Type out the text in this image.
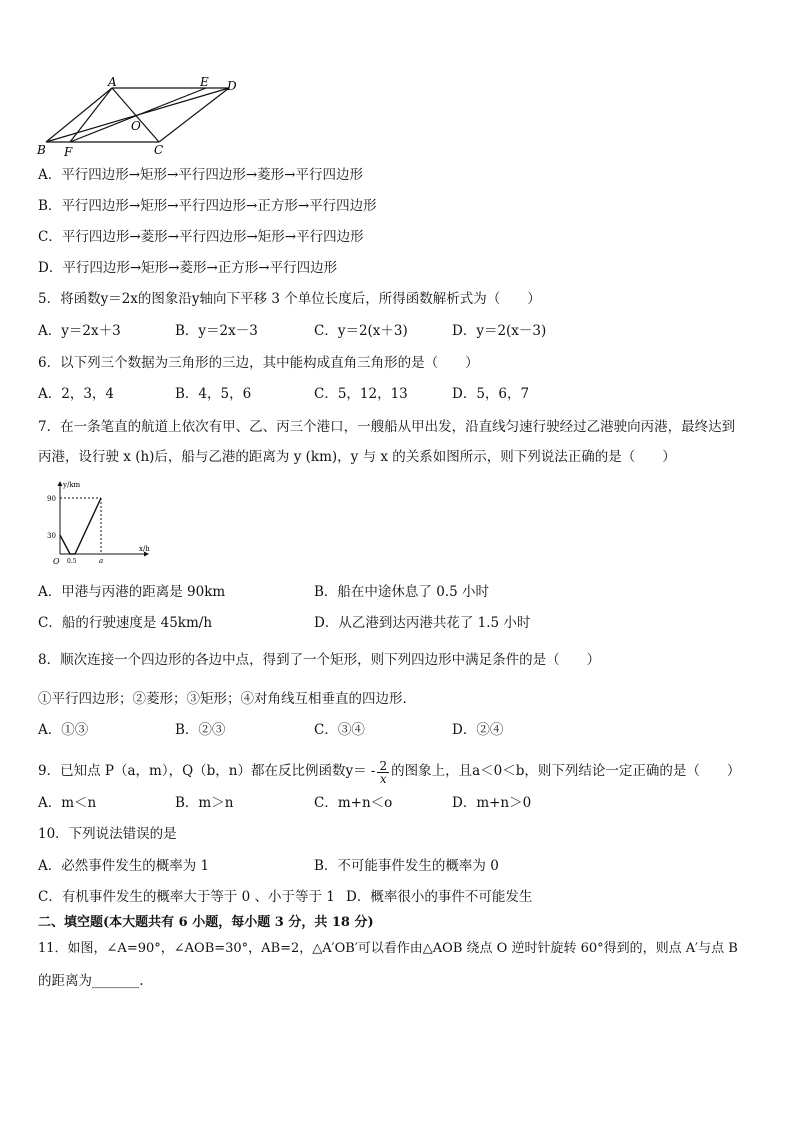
A	E D
O
B F	C
A．平行四边形→矩形→平行四边形→菱形→平行四边形
B．平行四边形→矩形→平行四边形→正方形→平行四边形
C．平行四边形→菱形→平行四边形→矩形→平行四边形
D．平行四边形→矩形→菱形→正方形→平行四边形
5．将函数y＝2x的图象沿y轴向下平移 3 个单位长度后，所得函数解析式为（　　）
A．y＝2x＋3	B．y＝2x－3	C．y＝2(x＋3)	D．y＝2(x－3)
6．以下列三个数据为三角形的三边，其中能构成直角三角形的是（　　）
A．2，3，4	B．4，5，6	C．5，12，13	D．5，6，7
7．在一条笔直的航道上依次有甲、乙、丙三个港口，一艘船从甲出发，沿直线匀速行驶经过乙港驶向丙港，最终达到
丙港，设行驶 x (h)后，船与乙港的距离为 y (km)，y 与 x 的关系如图所示，则下列说法正确的是（　　）
y/km
x/h
90
30
O 0.5	a
A．甲港与丙港的距离是 90km	B．船在中途休息了 0.5 小时
C．船的行驶速度是 45km/h	D．从乙港到达丙港共花了 1.5 小时
8．顺次连接一个四边形的各边中点，得到了一个矩形，则下列四边形中满足条件的是（　　）
①平行四边形；②菱形；③矩形；④对角线互相垂直的四边形．
A．①③	B．②③	C．③④	D．②④
9．已知点 P（a，m），Q（b，n）都在反比例函数$y= - \frac{2}{x}$ 的图象上，且a＜0＜b，则下列结论一定正确的是（　　）
A．m＜n	B．m＞n	C．m+n＜o	D．m+n＞0
10．下列说法错误的是
A．必然事件发生的概率为 1	B．不可能事件发生的概率为 0
C．有机事件发生的概率大于等于 0 、小于等于 1 D．概率很小的事件不可能发生
二、填空题(本大题共有 6 小题，每小题 3 分，共 18 分)
11．如图，∠A=90°，∠AOB=30°，AB=2，△A′OB′可以看作由△AOB 绕点 O 逆时针旋转 60°得到的，则点 A′与点 B
的距离为_______.
